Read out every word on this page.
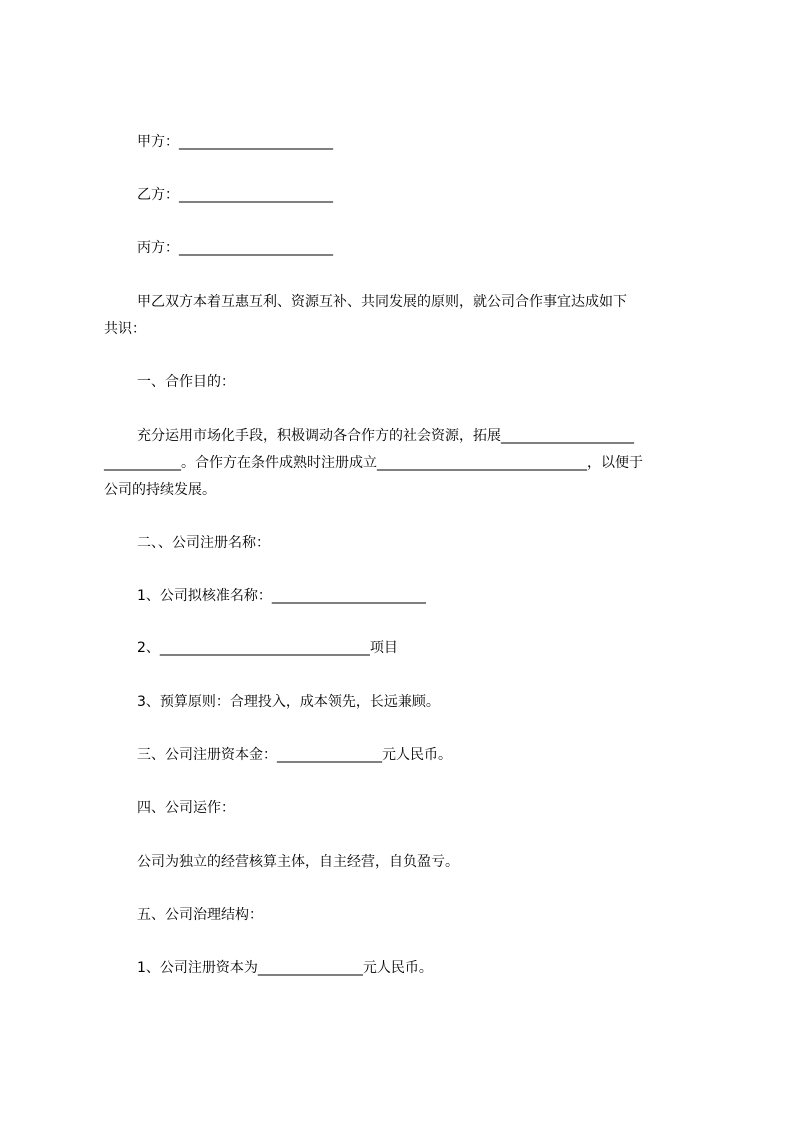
甲方：______________________
乙方：______________________
丙方：______________________
甲乙双方本着互惠互利、资源互补、共同发展的原则，就公司合作事宜达成如下
共识：
一、合作目的：
充分运用市场化手段，积极调动各合作方的社会资源，拓展___________________
___________。合作方在条件成熟时注册成立______________________________，以便于
公司的持续发展。
二、、公司注册名称：
1、公司拟核准名称：______________________
2、______________________________项目
3、预算原则：合理投入，成本领先，长远兼顾。
三、公司注册资本金：_______________元人民币。
四、公司运作：
公司为独立的经营核算主体，自主经营，自负盈亏。
五、公司治理结构：
1、公司注册资本为_______________元人民币。
